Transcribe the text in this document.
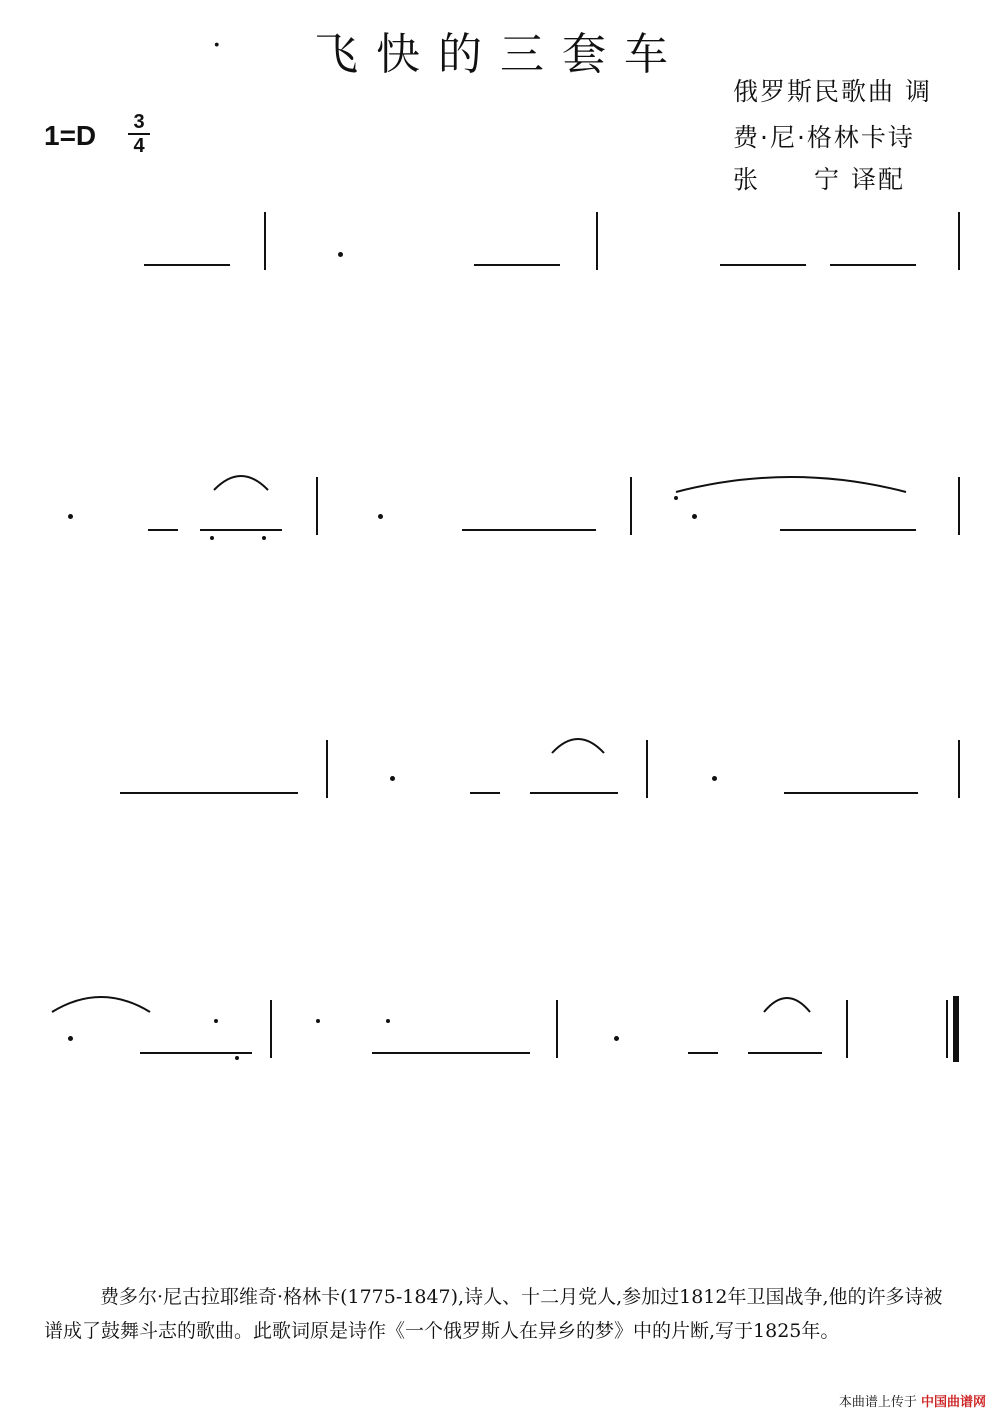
·	飞快的三套车
俄罗斯民歌曲 调
费·尼·格林卡诗
张　　宁 译配
1=D 3
4
费多尔·尼古拉耶维奇·格林卡(1775-1847),诗人、十二月党人,参加过1812年卫国战争,他的许多诗被谱成了鼓舞斗志的歌曲。此歌词原是诗作《一个俄罗斯人在异乡的梦》中的片断,写于1825年。
本曲谱上传于 中国曲谱网
